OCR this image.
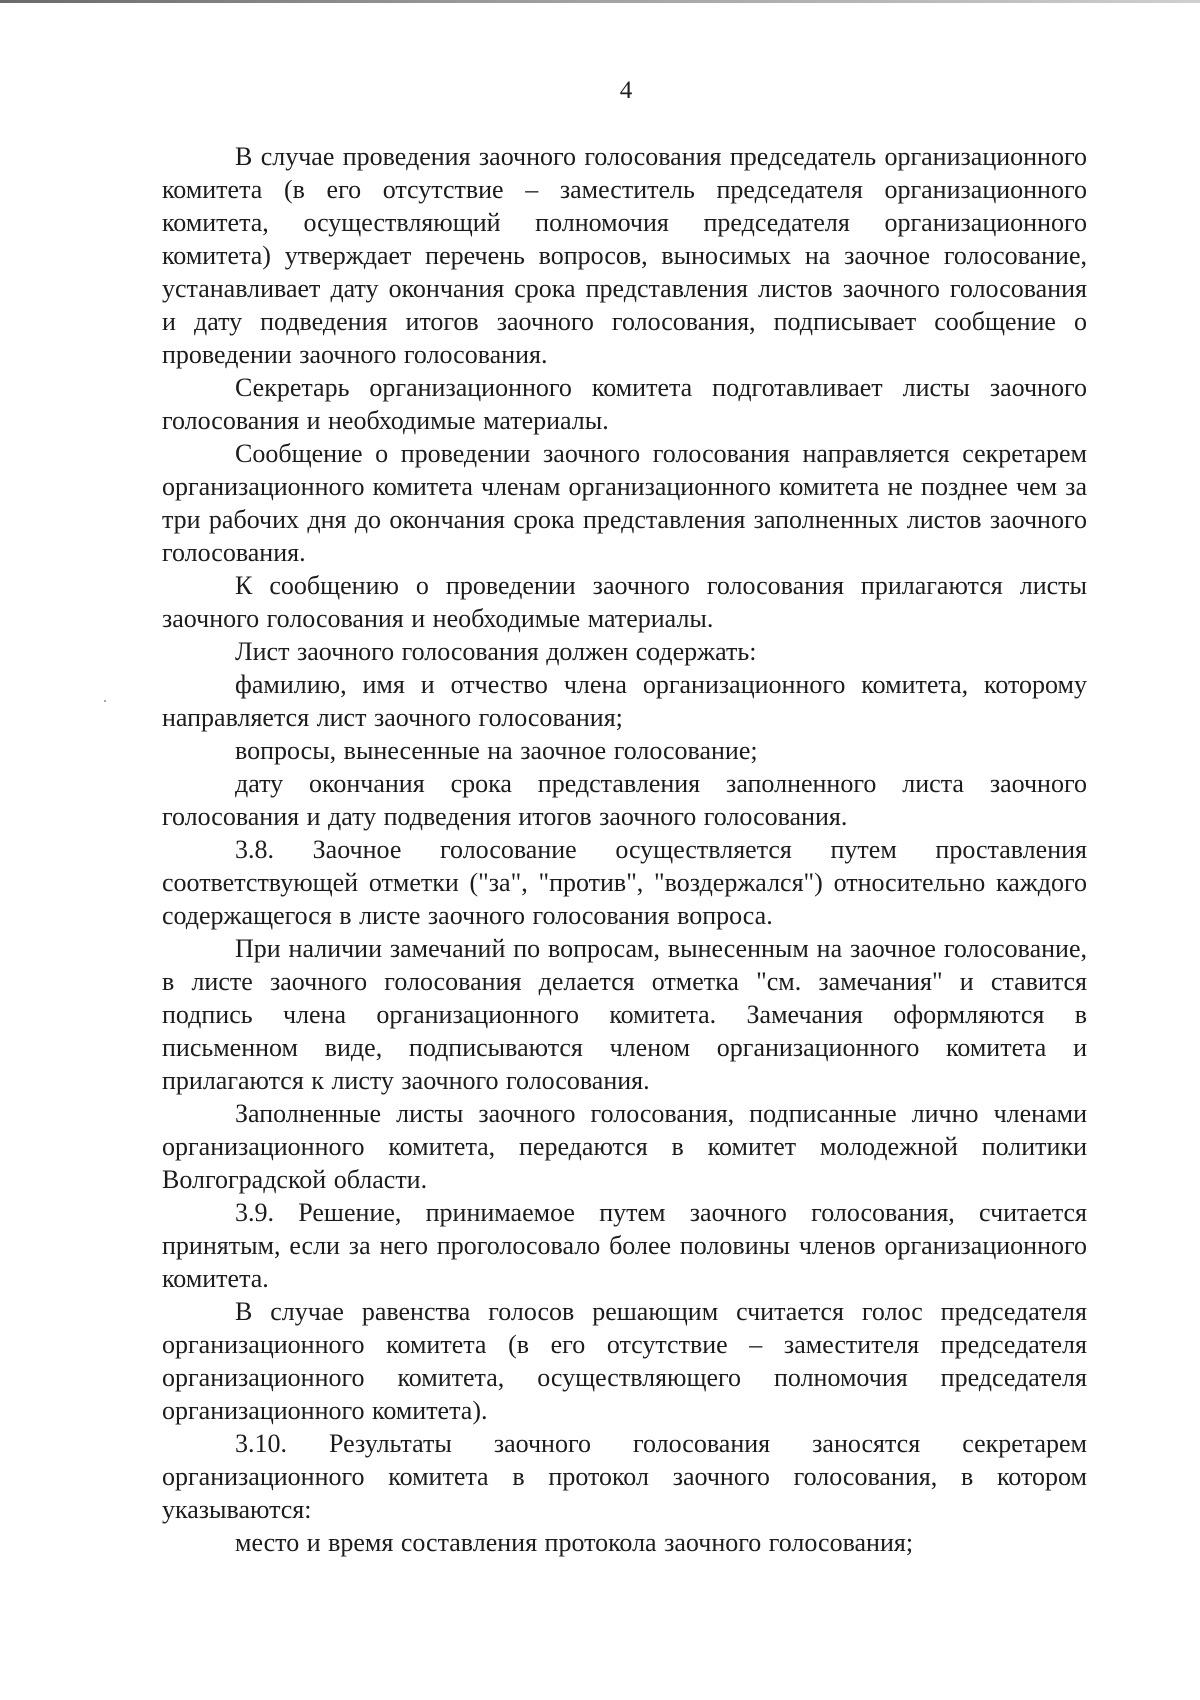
4

В случае проведения заочного голосования председатель организационного комитета (в его отсутствие – заместитель председателя организационного комитета, осуществляющий полномочия председателя организационного комитета) утверждает перечень вопросов, выносимых на заочное голосование, устанавливает дату окончания срока представления листов заочного голосования и дату подведения итогов заочного голосования, подписывает сообщение о проведении заочного голосования.

Секретарь организационного комитета подготавливает листы заочного голосования и необходимые материалы.

Сообщение о проведении заочного голосования направляется секретарем организационного комитета членам организационного комитета не позднее чем за три рабочих дня до окончания срока представления заполненных листов заочного голосования.

К сообщению о проведении заочного голосования прилагаются листы заочного голосования и необходимые материалы.

Лист заочного голосования должен содержать:

фамилию, имя и отчество члена организационного комитета, которому направляется лист заочного голосования;

вопросы, вынесенные на заочное голосование;

дату окончания срока представления заполненного листа заочного голосования и дату подведения итогов заочного голосования.

3.8. Заочное голосование осуществляется путем проставления соответствующей отметки ("за", "против", "воздержался") относительно каждого содержащегося в листе заочного голосования вопроса.

При наличии замечаний по вопросам, вынесенным на заочное голосование, в листе заочного голосования делается отметка "см. замечания" и ставится подпись члена организационного комитета. Замечания оформляются в письменном виде, подписываются членом организационного комитета и прилагаются к листу заочного голосования.

Заполненные листы заочного голосования, подписанные лично членами организационного комитета, передаются в комитет молодежной политики Волгоградской области.

3.9. Решение, принимаемое путем заочного голосования, считается принятым, если за него проголосовало более половины членов организационного комитета.

В случае равенства голосов решающим считается голос председателя организационного комитета (в его отсутствие – заместителя председателя организационного комитета, осуществляющего полномочия председателя организационного комитета).

3.10. Результаты заочного голосования заносятся секретарем организационного комитета в протокол заочного голосования, в котором указываются:

место и время составления протокола заочного голосования;
